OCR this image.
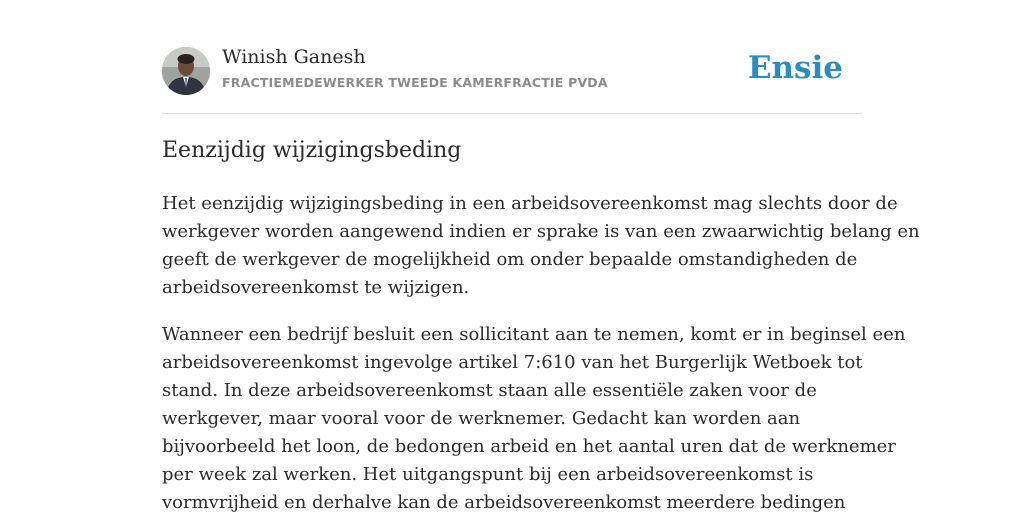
Winish Ganesh
FRACTIEMEDEWERKER TWEEDE KAMERFRACTIE PVDA	Ensie
Eenzijdig wijzigingsbeding

Het eenzijdig wijzigingsbeding in een arbeidsovereenkomst mag slechts door de
werkgever worden aangewend indien er sprake is van een zwaarwichtig belang en
geeft de werkgever de mogelijkheid om onder bepaalde omstandigheden de
arbeidsovereenkomst te wijzigen.

Wanneer een bedrijf besluit een sollicitant aan te nemen, komt er in beginsel een
arbeidsovereenkomst ingevolge artikel 7:610 van het Burgerlijk Wetboek tot
stand. In deze arbeidsovereenkomst staan alle essentiële zaken voor de
werkgever, maar vooral voor de werknemer. Gedacht kan worden aan
bijvoorbeeld het loon, de bedongen arbeid en het aantal uren dat de werknemer
per week zal werken. Het uitgangspunt bij een arbeidsovereenkomst is
vormvrijheid en derhalve kan de arbeidsovereenkomst meerdere bedingen
